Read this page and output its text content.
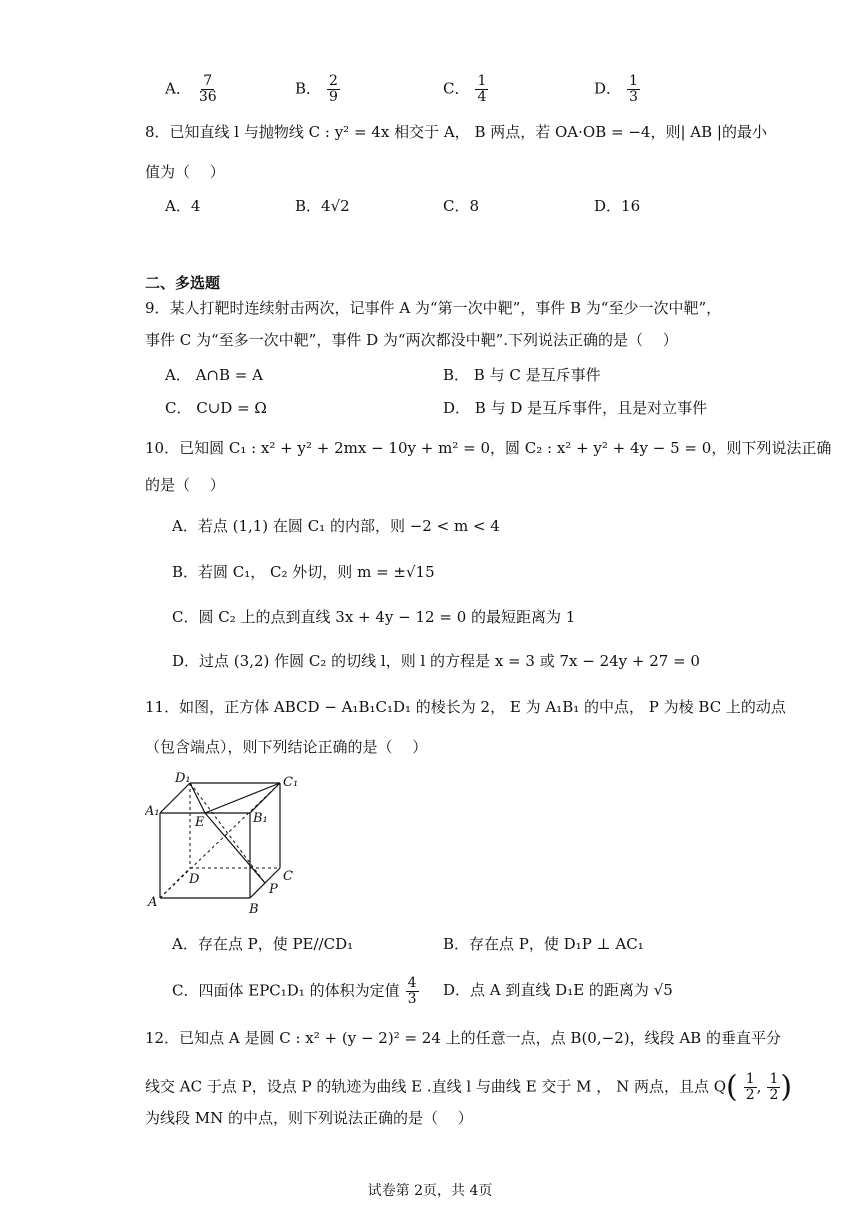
A． $\frac{7}{36}$	B． $\frac{2}{9}$	C． $\frac{1}{4}$	D． $\frac{1}{3}$
8．已知直线 l 与抛物线 C : y² = 4x 相交于 A， B 两点，若 OA·OB = −4，则| AB |的最小
值为（　 ）
A．4	B．4√2	C．8	D．16
二、多选题
9．某人打靶时连续射击两次，记事件 A 为“第一次中靶”，事件 B 为“至少一次中靶”，
事件 C 为“至多一次中靶”，事件 D 为“两次都没中靶”.下列说法正确的是（　 ）
A． A∩B = A	B． B 与 C 是互斥事件
C． C∪D = Ω	D． B 与 D 是互斥事件，且是对立事件
10．已知圆 C₁ : x² + y² + 2mx − 10y + m² = 0，圆 C₂ : x² + y² + 4y − 5 = 0，则下列说法正确
的是（　 ）
A．若点 (1,1) 在圆 C₁ 的内部，则 −2 < m < 4
B．若圆 C₁， C₂ 外切，则 m = ±√15
C．圆 C₂ 上的点到直线 3x + 4y − 12 = 0 的最短距离为 1
D．过点 (3,2) 作圆 C₂ 的切线 l，则 l 的方程是 x = 3 或 7x − 24y + 27 = 0
11．如图，正方体 ABCD − A₁B₁C₁D₁ 的棱长为 2， E 为 A₁B₁ 的中点， P 为棱 BC 上的动点
（包含端点），则下列结论正确的是（　 ）
D₁	C₁
A₁
E	B₁
D	C
P
A	B
A．存在点 P，使 PE//CD₁	B．存在点 P，使 D₁P ⊥ AC₁
C．四面体 EPC₁D₁ 的体积为定值 $\frac{4}{3}$ D．点 A 到直线 D₁E 的距离为 √5
12．已知点 A 是圆 C : x² + (y − 2)² = 24 上的任意一点，点 B(0,−2)，线段 AB 的垂直平分
线交 AC 于点 P，设点 P 的轨迹为曲线 E .直线 l 与曲线 E 交于 M ， N 两点，且点 $Q( \frac{1}{2}$ , $\frac{1}{2}$ )
为线段 MN 的中点，则下列说法正确的是（　 ）
试卷第 2页，共 4页
